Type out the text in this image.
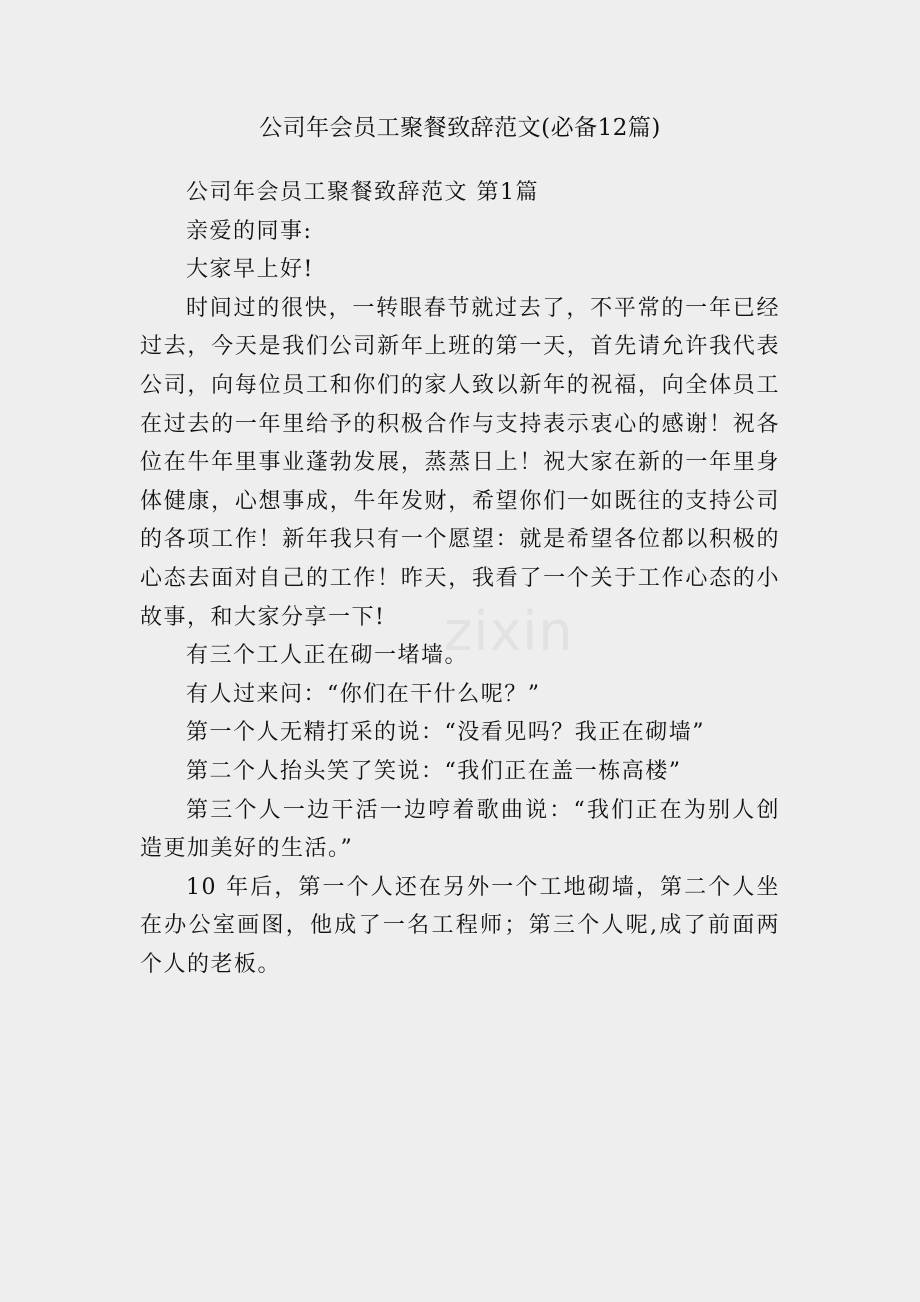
公司年会员工聚餐致辞范文(必备12篇)

公司年会员工聚餐致辞范文 第1篇

亲爱的同事:

大家早上好!

时间过的很快，一转眼春节就过去了，不平常的一年已经过去，今天是我们公司新年上班的第一天，首先请允许我代表公司，向每位员工和你们的家人致以新年的祝福，向全体员工在过去的一年里给予的积极合作与支持表示衷心的感谢！祝各位在牛年里事业蓬勃发展，蒸蒸日上！祝大家在新的一年里身体健康，心想事成，牛年发财，希望你们一如既往的支持公司的各项工作！新年我只有一个愿望：就是希望各位都以积极的心态去面对自己的工作！昨天，我看了一个关于工作心态的小故事，和大家分享一下!

有三个工人正在砌一堵墙。

有人过来问：“你们在干什么呢？”

第一个人无精打采的说：“没看见吗？我正在砌墙”

第二个人抬头笑了笑说：“我们正在盖一栋高楼”

第三个人一边干活一边哼着歌曲说：“我们正在为别人创造更加美好的生活。”

10 年后，第一个人还在另外一个工地砌墙，第二个人坐在办公室画图，他成了一名工程师；第三个人呢,成了前面两个人的老板。

zixin
